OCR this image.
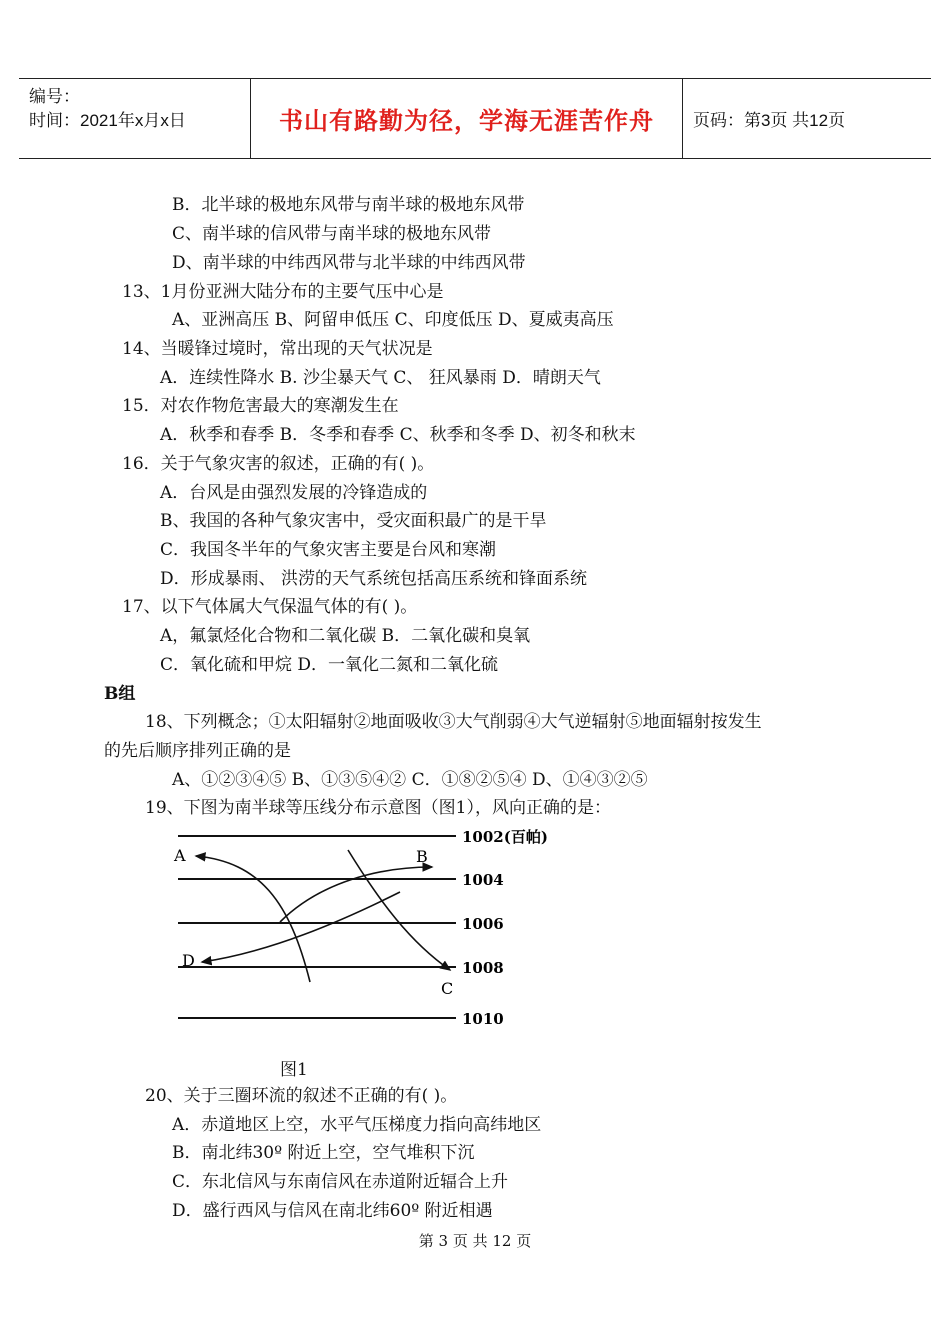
编号：
时间：2021年x月x日	书山有路勤为径，学海无涯苦作舟	页码：第3页 共12页
B．北半球的极地东风带与南半球的极地东风带
C、南半球的信风带与南半球的极地东风带
D、南半球的中纬西风带与北半球的中纬西风带
13、1月份亚洲大陆分布的主要气压中心是
A、亚洲高压 B、阿留申低压 C、印度低压 D、夏威夷高压
14、当暖锋过境时，常出现的天气状况是
A．连续性降水 B. 沙尘暴天气 C、 狂风暴雨 D．晴朗天气
15．对农作物危害最大的寒潮发生在
A．秋季和春季 B．冬季和春季 C、秋季和冬季 D、初冬和秋末
16．关于气象灾害的叙述，正确的有( )。
A．台风是由强烈发展的冷锋造成的
B、我国的各种气象灾害中，受灾面积最广的是干旱
C．我国冬半年的气象灾害主要是台风和寒潮
D．形成暴雨、 洪涝的天气系统包括高压系统和锋面系统
17、以下气体属大气保温气体的有( )。
A，氟氯烃化合物和二氧化碳 B．二氧化碳和臭氧
C．氧化硫和甲烷 D．一氧化二氮和二氧化硫
B组
18、下列概念；①太阳辐射②地面吸收③大气削弱④大气逆辐射⑤地面辐射按发生
的先后顺序排列正确的是
A、①②③④⑤ B、①③⑤④② C．①⑧②⑤④ D、①④③②⑤
19、下图为南半球等压线分布示意图（图1），风向正确的是：
A	B
C
D
1002(百帕)
1004
1006
1008
1010
图1
20、关于三圈环流的叙述不正确的有( )。
A．赤道地区上空，水平气压梯度力指向高纬地区
B．南北纬30º 附近上空，空气堆积下沉
C．东北信风与东南信风在赤道附近辐合上升
D．盛行西风与信风在南北纬60º 附近相遇
第 3 页 共 12 页
